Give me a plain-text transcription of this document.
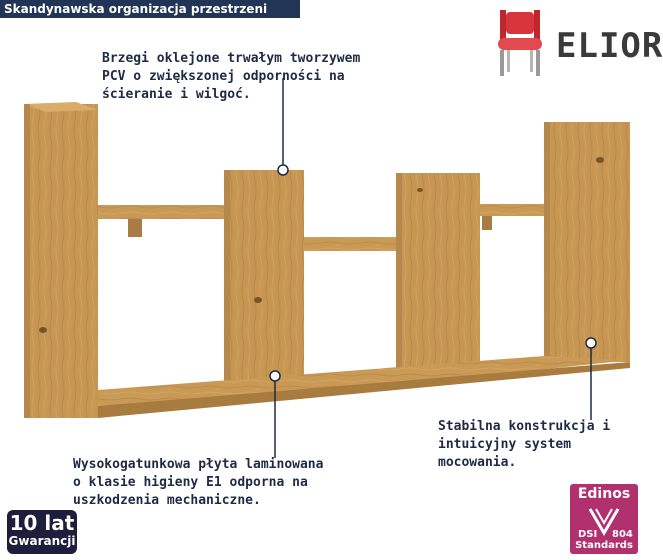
Skandynawska organizacja przestrzeni
ELIOR
Brzegi oklejone trwałym tworzywem
PCV o zwiększonej odporności na
ścieranie i wilgoć.
Wysokogatunkowa płyta laminowana
o klasie higieny E1 odporna na
uszkodzenia mechaniczne.
Stabilna konstrukcja i
intuicyjny system
mocowania.
10 lat
Gwarancji
Edinos
DSI 804
Standards
